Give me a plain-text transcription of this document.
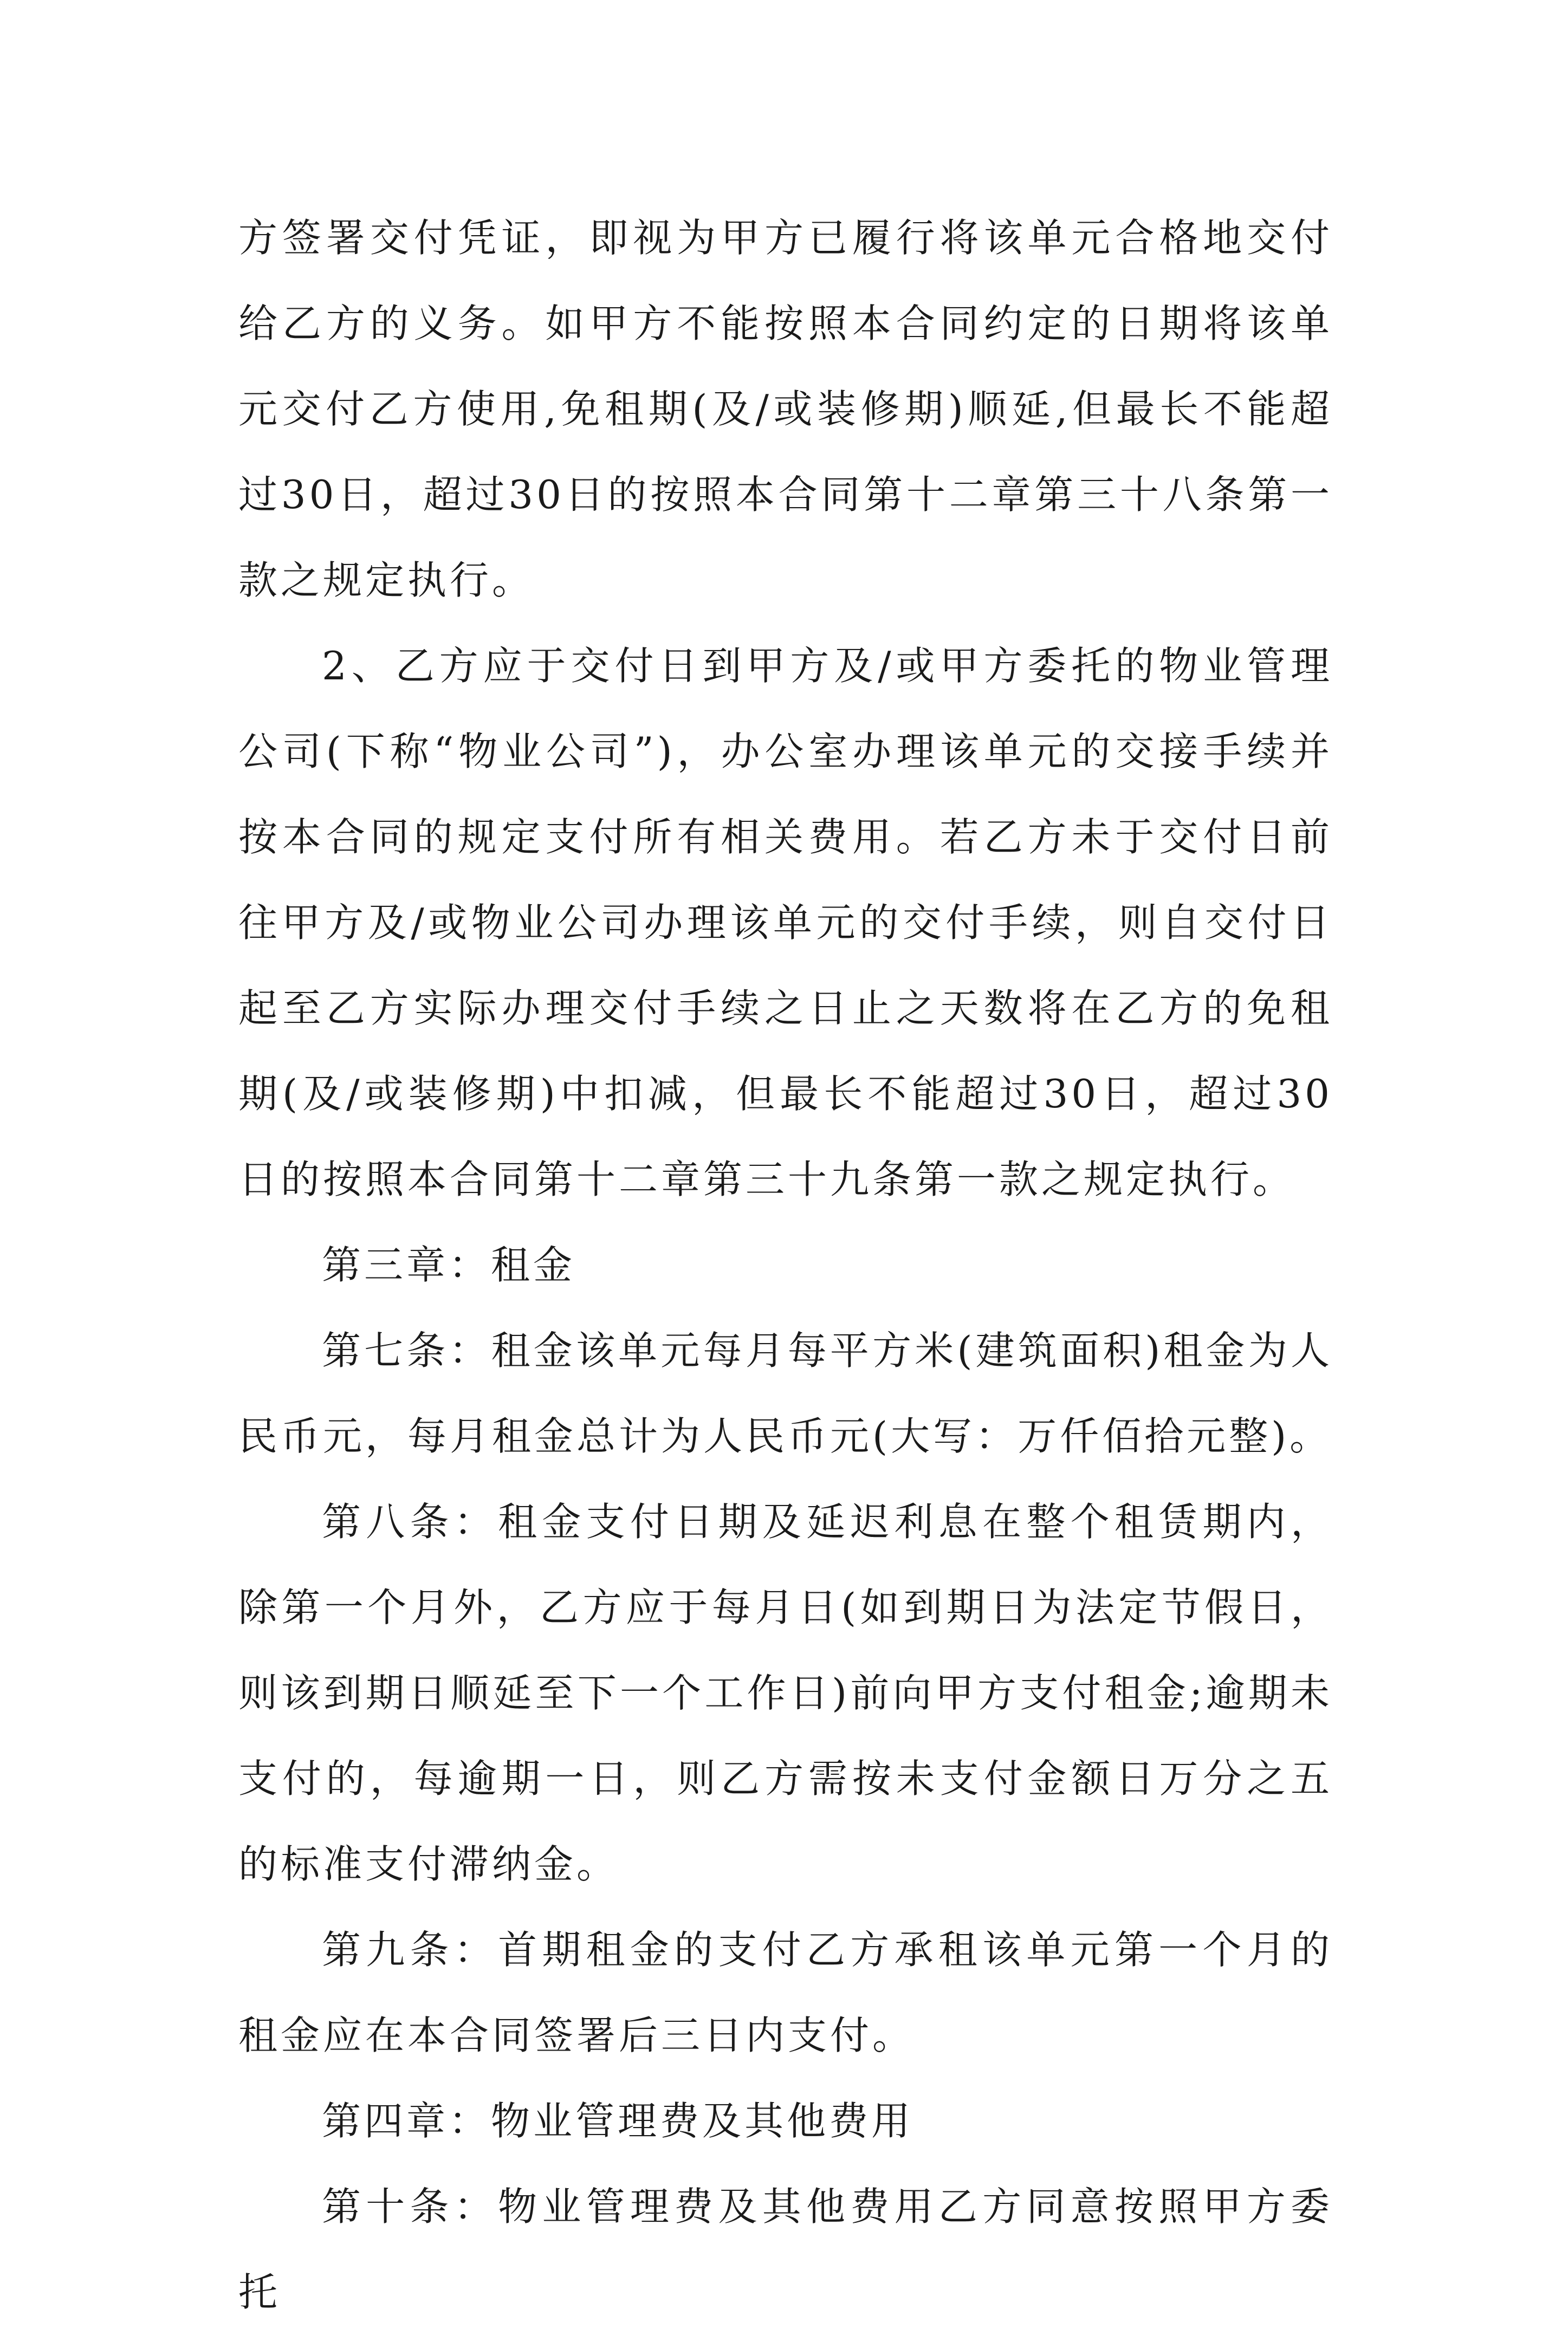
方签署交付凭证，即视为甲方已履行将该单元合格地交付给乙方的义务。如甲方不能按照本合同约定的日期将该单元交付乙方使用,免租期(及/或装修期)顺延,但最长不能超过30日，超过30日的按照本合同第十二章第三十八条第一款之规定执行。

2、乙方应于交付日到甲方及/或甲方委托的物业管理公司(下称“物业公司”)，办公室办理该单元的交接手续并按本合同的规定支付所有相关费用。若乙方未于交付日前往甲方及/或物业公司办理该单元的交付手续，则自交付日起至乙方实际办理交付手续之日止之天数将在乙方的免租期(及/或装修期)中扣减，但最长不能超过30日，超过30日的按照本合同第十二章第三十九条第一款之规定执行。

第三章：租金

第七条：租金该单元每月每平方米(建筑面积)租金为人民币元，每月租金总计为人民币元(大写：万仟佰拾元整)。

第八条：租金支付日期及延迟利息在整个租赁期内，除第一个月外，乙方应于每月日(如到期日为法定节假日，则该到期日顺延至下一个工作日)前向甲方支付租金;逾期未支付的，每逾期一日，则乙方需按未支付金额日万分之五的标准支付滞纳金。

第九条：首期租金的支付乙方承租该单元第一个月的租金应在本合同签署后三日内支付。

第四章：物业管理费及其他费用

第十条：物业管理费及其他费用乙方同意按照甲方委托
